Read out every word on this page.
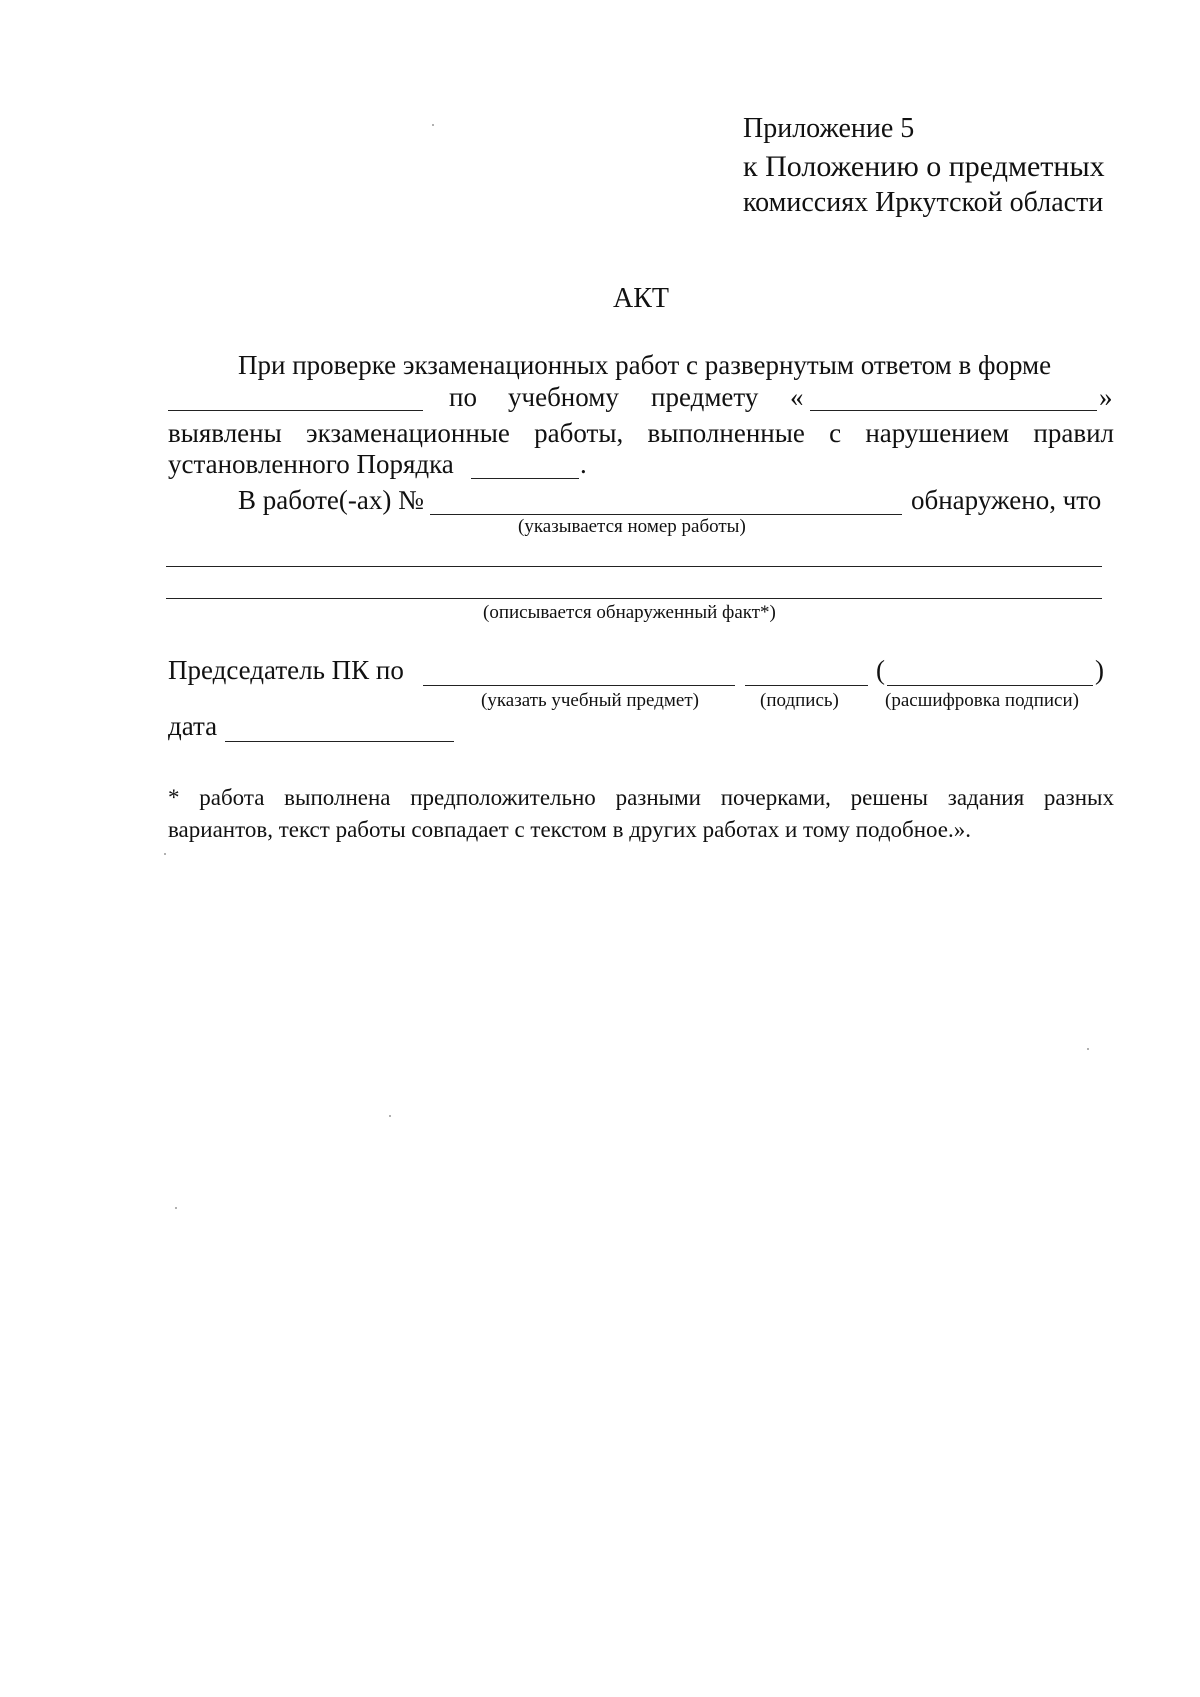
Приложение 5
к Положению о предметных
комиссиях Иркутской области
АКТ
При проверке экзаменационных работ с развернутым ответом в форме
по учебному предмету «	»
выявлены экзаменационные работы, выполненные с нарушением правил
установленного Порядка	.
В работе(-ах) №	обнаружено, что
(указывается номер работы)
(описывается обнаруженный факт*)
Председатель ПК по	(	)
(указать учебный предмет)	(подпись) (расшифровка подписи)
дата
* работа выполнена предположительно разными почерками, решены задания разных
вариантов, текст работы совпадает с текстом в других работах и тому подобное.».
